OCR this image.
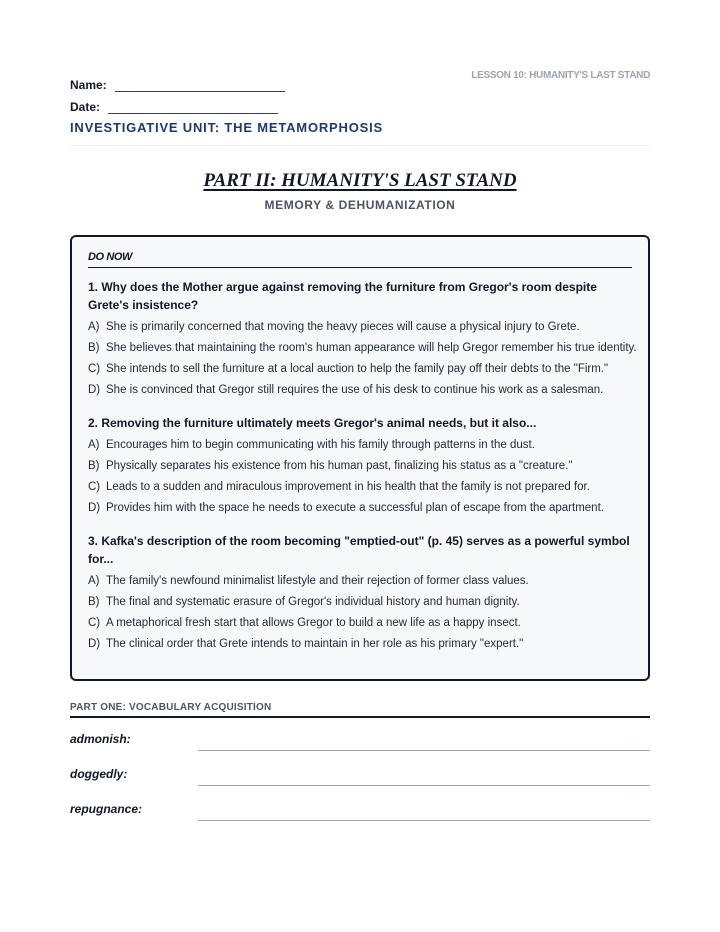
Name:
Date:
LESSON 10: HUMANITY'S LAST STAND
INVESTIGATIVE UNIT: THE METAMORPHOSIS
PART II: HUMANITY'S LAST STAND
MEMORY & DEHUMANIZATION
DO NOW
1. Why does the Mother argue against removing the furniture from Gregor's room despite Grete's insistence?
A) She is primarily concerned that moving the heavy pieces will cause a physical injury to Grete.
B) She believes that maintaining the room's human appearance will help Gregor remember his true identity.
C) She intends to sell the furniture at a local auction to help the family pay off their debts to the "Firm."
D) She is convinced that Gregor still requires the use of his desk to continue his work as a salesman.
2. Removing the furniture ultimately meets Gregor's animal needs, but it also...
A) Encourages him to begin communicating with his family through patterns in the dust.
B) Physically separates his existence from his human past, finalizing his status as a "creature."
C) Leads to a sudden and miraculous improvement in his health that the family is not prepared for.
D) Provides him with the space he needs to execute a successful plan of escape from the apartment.
3. Kafka's description of the room becoming "emptied-out" (p. 45) serves as a powerful symbol for...
A) The family's newfound minimalist lifestyle and their rejection of former class values.
B) The final and systematic erasure of Gregor's individual history and human dignity.
C) A metaphorical fresh start that allows Gregor to build a new life as a happy insect.
D) The clinical order that Grete intends to maintain in her role as his primary "expert."
PART ONE: VOCABULARY ACQUISITION
admonish:
doggedly:
repugnance:
